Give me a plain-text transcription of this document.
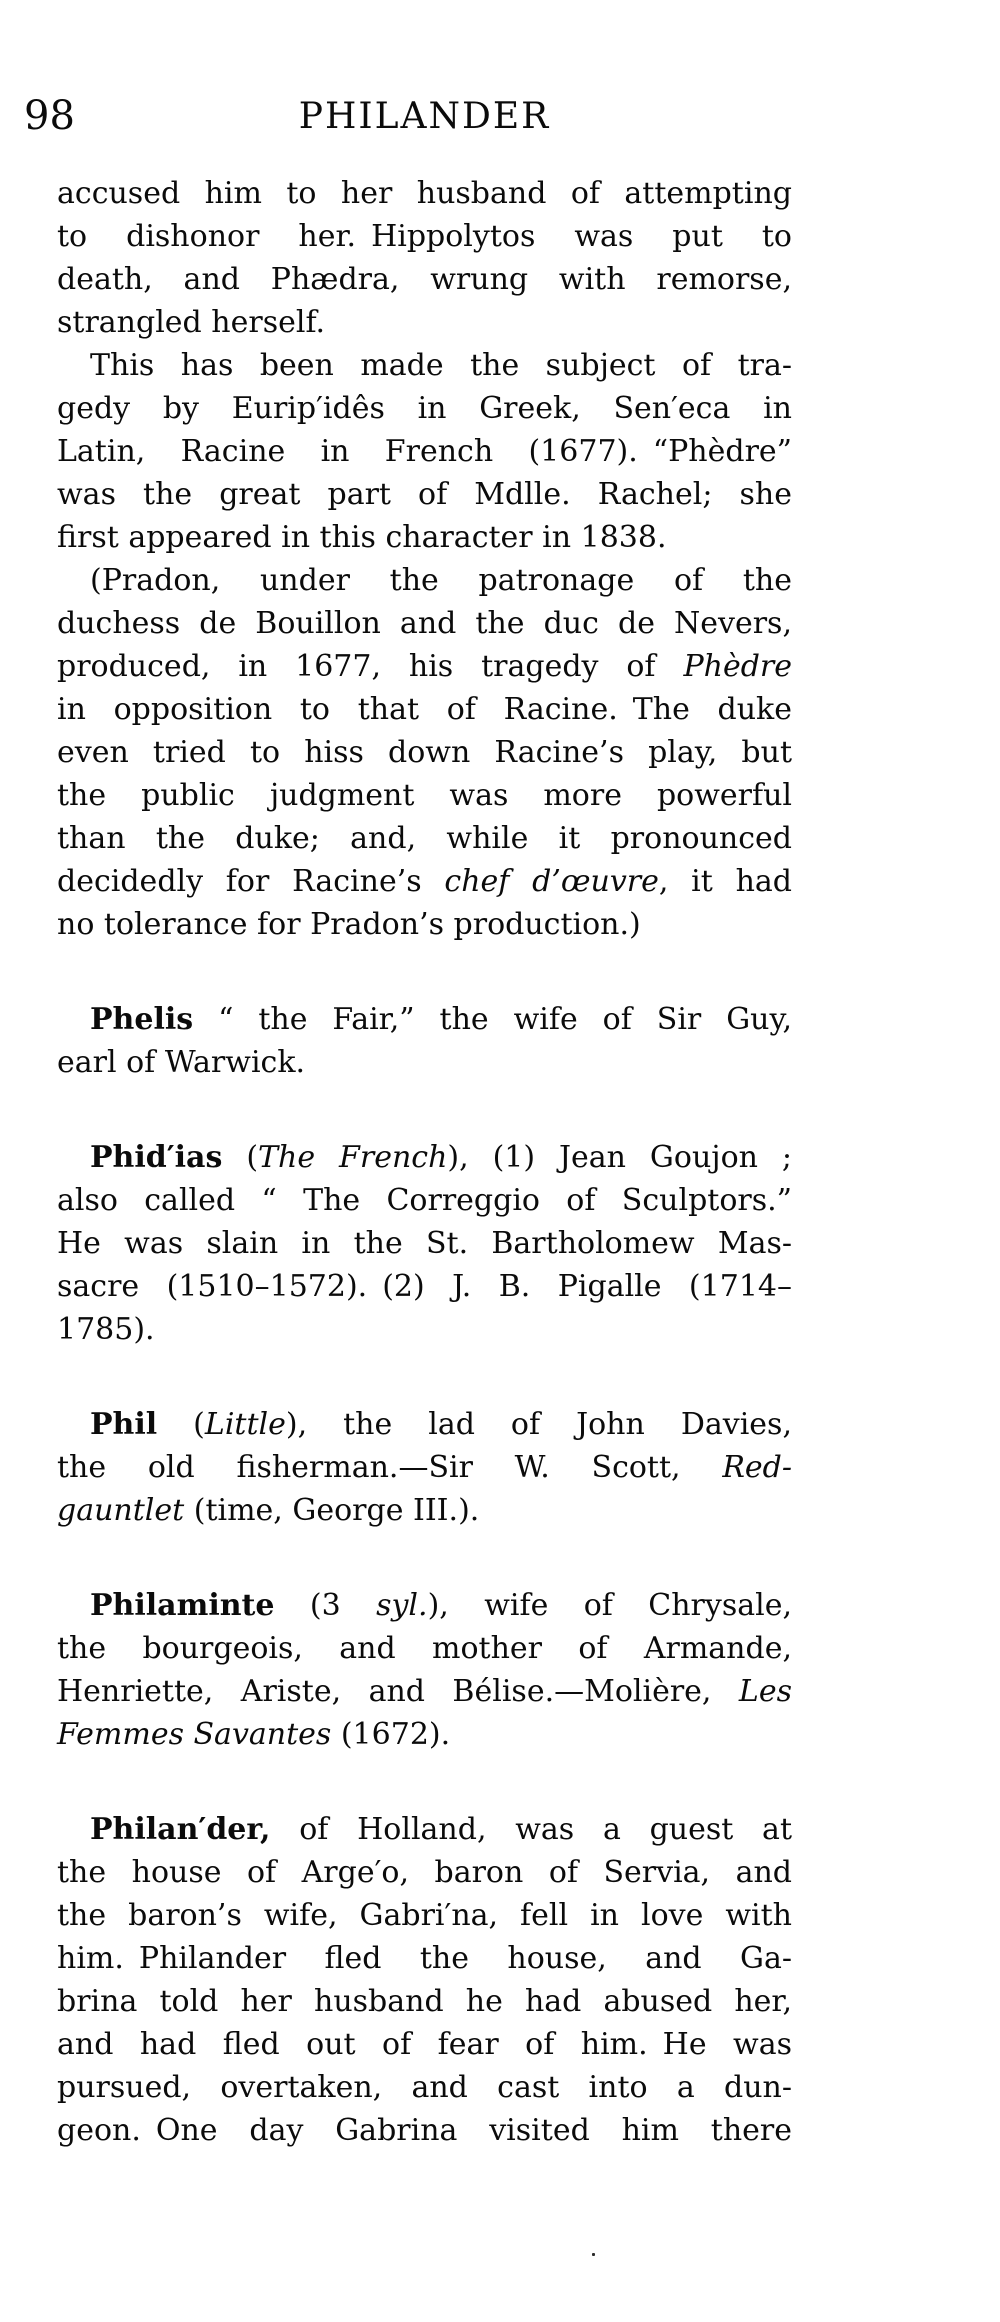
98	PHILANDER
accused him to her husband of attempting
to dishonor her. Hippolytos was put to
death, and Phædra, wrung with remorse,
strangled herself.
This has been made the subject of tra-
gedy by Eurip′idês in Greek, Sen′eca in
Latin, Racine in French (1677). “Phèdre”
was the great part of Mdlle. Rachel; she
first appeared in this character in 1838.
(Pradon, under the patronage of the
duchess de Bouillon and the duc de Nevers,
produced, in 1677, his tragedy of Phèdre
in opposition to that of Racine. The duke
even tried to hiss down Racine’s play, but
the public judgment was more powerful
than the duke; and, while it pronounced
decidedly for Racine’s chef d’œuvre, it had
no tolerance for Pradon’s production.)
Phelis “ the Fair,” the wife of Sir Guy,
earl of Warwick.
Phid′ias (The French), (1) Jean Goujon ;
also called “ The Correggio of Sculptors.”
He was slain in the St. Bartholomew Mas-
sacre (1510–1572). (2) J. B. Pigalle (1714–
1785).
Phil (Little), the lad of John Davies,
the old fisherman.—Sir W. Scott, Red-
gauntlet (time, George III.).
Philaminte (3 syl.), wife of Chrysale,
the bourgeois, and mother of Armande,
Henriette, Ariste, and Bélise.—Molière, Les
Femmes Savantes (1672).
Philan′der, of Holland, was a guest at
the house of Arge′o, baron of Servia, and
the baron’s wife, Gabri′na, fell in love with
him. Philander fled the house, and Ga-
brina told her husband he had abused her,
and had fled out of fear of him. He was
pursued, overtaken, and cast into a dun-
geon. One day Gabrina visited him there
